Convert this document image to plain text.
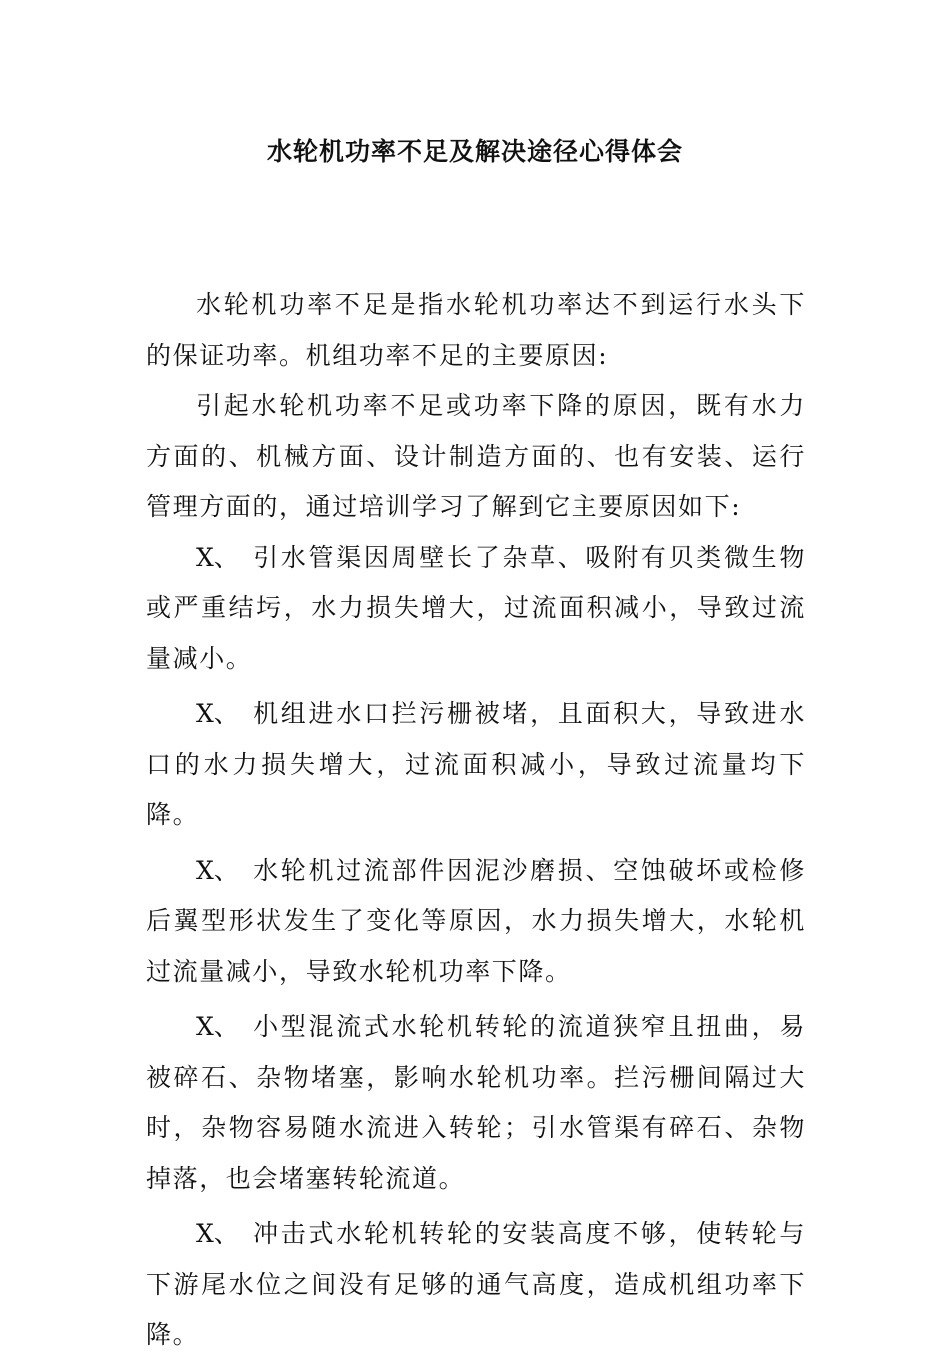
水轮机功率不足及解决途径心得体会

水轮机功率不足是指水轮机功率达不到运行水头下的保证功率。机组功率不足的主要原因:

引起水轮机功率不足或功率下降的原因，既有水力方面的、机械方面、设计制造方面的、也有安装、运行管理方面的，通过培训学习了解到它主要原因如下:

X、 引水管渠因周壁长了杂草、吸附有贝类微生物或严重结圬，水力损失增大，过流面积减小，导致过流量减小。

X、 机组进水口拦污栅被堵，且面积大，导致进水口的水力损失增大，过流面积减小，导致过流量均下降。

X、 水轮机过流部件因泥沙磨损、空蚀破坏或检修后翼型形状发生了变化等原因，水力损失增大，水轮机过流量减小，导致水轮机功率下降。

X、 小型混流式水轮机转轮的流道狭窄且扭曲，易被碎石、杂物堵塞，影响水轮机功率。拦污栅间隔过大时，杂物容易随水流进入转轮；引水管渠有碎石、杂物掉落，也会堵塞转轮流道。

X、 冲击式水轮机转轮的安装高度不够，使转轮与下游尾水位之间没有足够的通气高度，造成机组功率下降。
